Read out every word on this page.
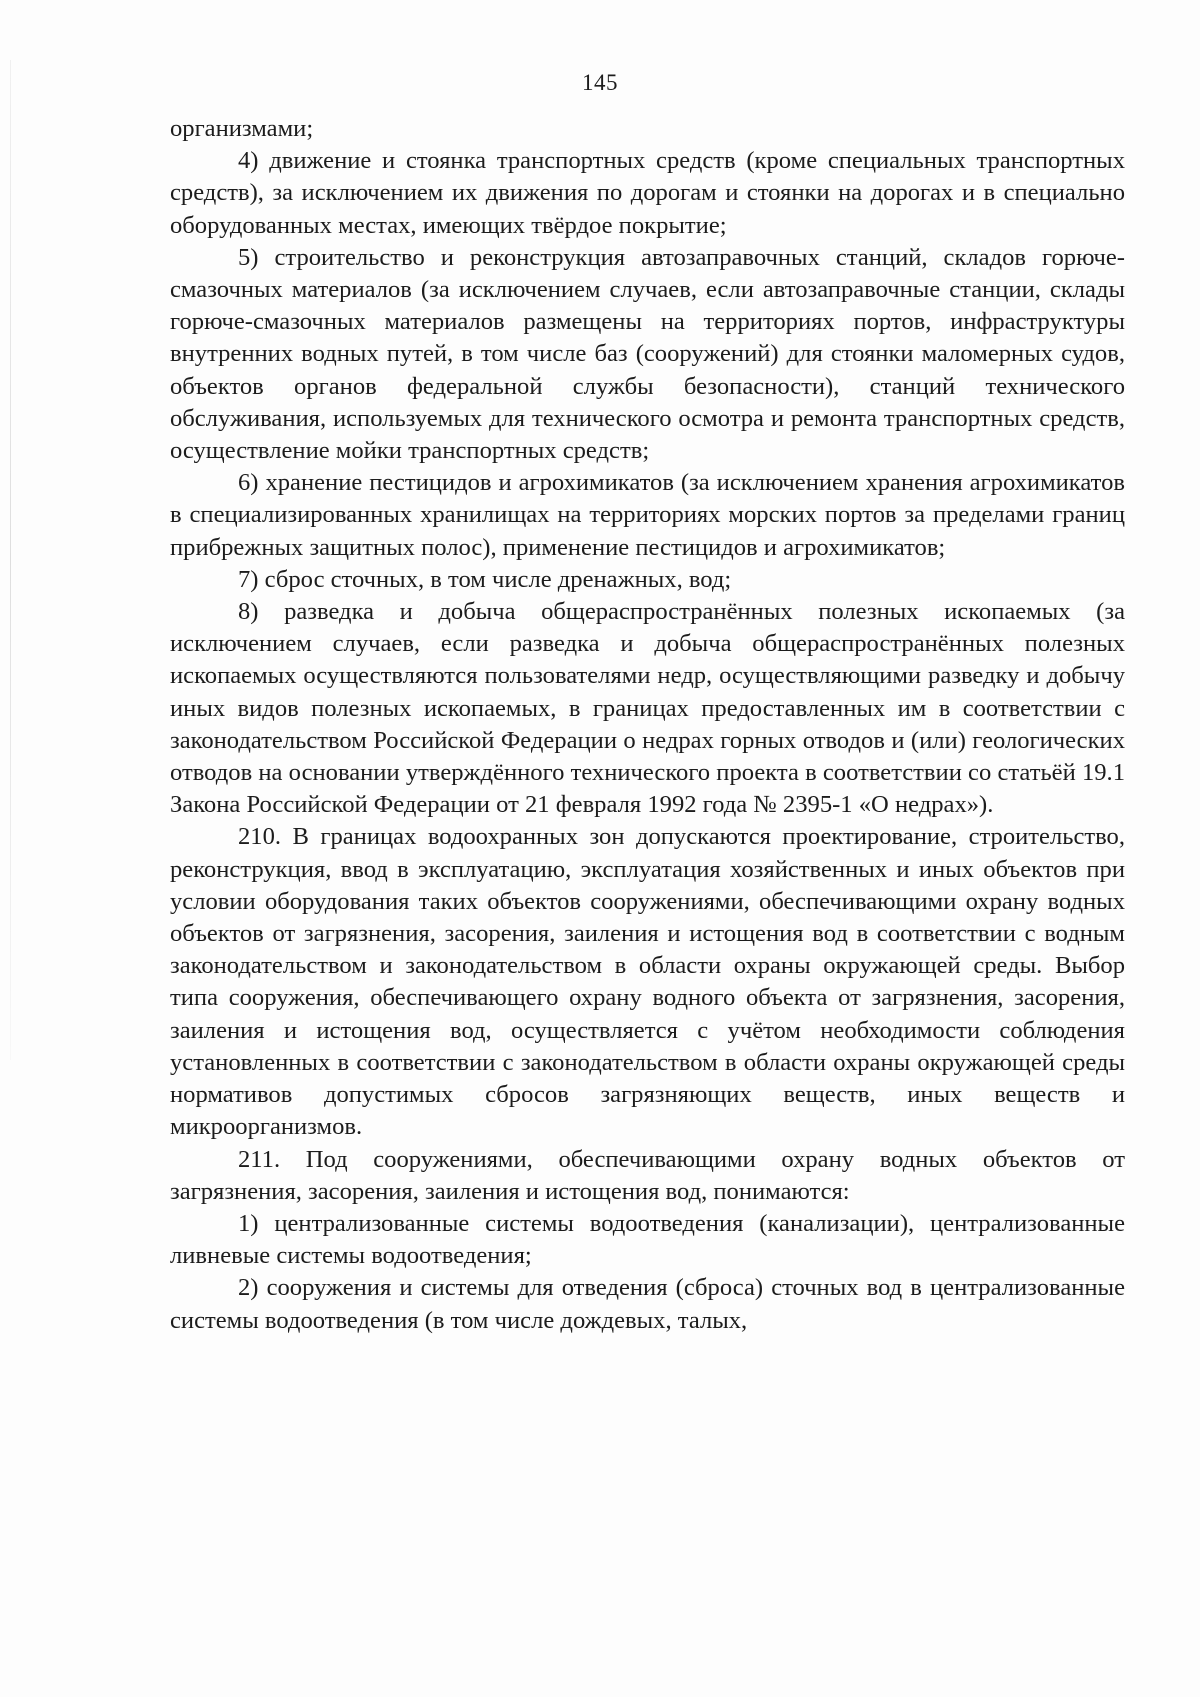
145

организмами;

4) движение и стоянка транспортных средств (кроме специальных транспортных средств), за исключением их движения по дорогам и стоянки на дорогах и в специально оборудованных местах, имеющих твёрдое покрытие;

5) строительство и реконструкция автозаправочных станций, складов горюче-смазочных материалов (за исключением случаев, если автозаправочные станции, склады горюче-смазочных материалов размещены на территориях портов, инфраструктуры внутренних водных путей, в том числе баз (сооружений) для стоянки маломерных судов, объектов органов федеральной службы безопасности), станций технического обслуживания, используемых для технического осмотра и ремонта транспортных средств, осуществление мойки транспортных средств;

6) хранение пестицидов и агрохимикатов (за исключением хранения агрохимикатов в специализированных хранилищах на территориях морских портов за пределами границ прибрежных защитных полос), применение пестицидов и агрохимикатов;

7) сброс сточных, в том числе дренажных, вод;

8) разведка и добыча общераспространённых полезных ископаемых (за исключением случаев, если разведка и добыча общераспространённых полезных ископаемых осуществляются пользователями недр, осуществляющими разведку и добычу иных видов полезных ископаемых, в границах предоставленных им в соответствии с законодательством Российской Федерации о недрах горных отводов и (или) геологических отводов на основании утверждённого технического проекта в соответствии со статьёй 19.1 Закона Российской Федерации от 21 февраля 1992 года № 2395-1 «О недрах»).

210. В границах водоохранных зон допускаются проектирование, строительство, реконструкция, ввод в эксплуатацию, эксплуатация хозяйственных и иных объектов при условии оборудования таких объектов сооружениями, обеспечивающими охрану водных объектов от загрязнения, засорения, заиления и истощения вод в соответствии с водным законодательством и законодательством в области охраны окружающей среды. Выбор типа сооружения, обеспечивающего охрану водного объекта от загрязнения, засорения, заиления и истощения вод, осуществляется с учётом необходимости соблюдения установленных в соответствии с законодательством в области охраны окружающей среды нормативов допустимых сбросов загрязняющих веществ, иных веществ и микроорганизмов.

211. Под сооружениями, обеспечивающими охрану водных объектов от загрязнения, засорения, заиления и истощения вод, понимаются:

1) централизованные системы водоотведения (канализации), централизованные ливневые системы водоотведения;

2) сооружения и системы для отведения (сброса) сточных вод в централизованные системы водоотведения (в том числе дождевых, талых,
